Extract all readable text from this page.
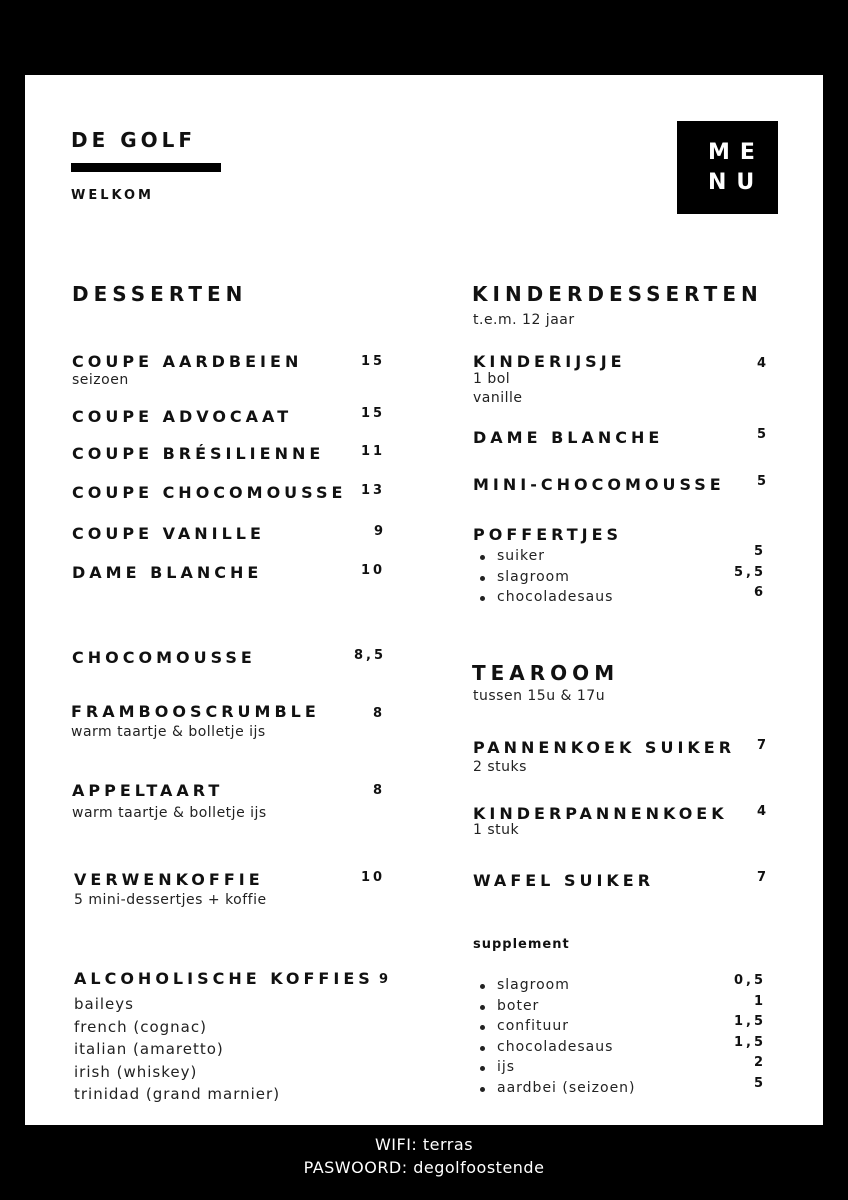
DE GOLF
WELKOM
ME
NU
DESSERTEN
COUPE AARDBEIEN	15
seizoen
COUPE ADVOCAAT	15
COUPE BRÉSILIENNE	11
COUPE CHOCOMOUSSE 13
COUPE VANILLE	9
DAME BLANCHE	10
CHOCOMOUSSE	8,5
FRAMBOOSCRUMBLE	8
warm taartje & bolletje ijs
APPELTAART	8
warm taartje & bolletje ijs
VERWENKOFFIE	10
5 mini-dessertjes + koffie
ALCOHOLISCHE KOFFIES 9
baileys
french (cognac)
italian (amaretto)
irish (whiskey)
trinidad (grand marnier)
KINDERDESSERTEN
t.e.m. 12 jaar
KINDERIJSJE	4
1 bol
vanille
DAME BLANCHE	5
MINI-CHOCOMOUSSE 5
POFFERTJES
suiker	5
slagroom	5,5
chocoladesaus	6
TEAROOM
tussen 15u & 17u
PANNENKOEK SUIKER 7
2 stuks
KINDERPANNENKOEK 4
1 stuk
WAFEL SUIKER	7
supplement
slagroom	0,5
boter	1
confituur	1,5
chocoladesaus	1,5
ijs	2
aardbei (seizoen)	5
WIFI: terras
PASWOORD: degolfoostende
